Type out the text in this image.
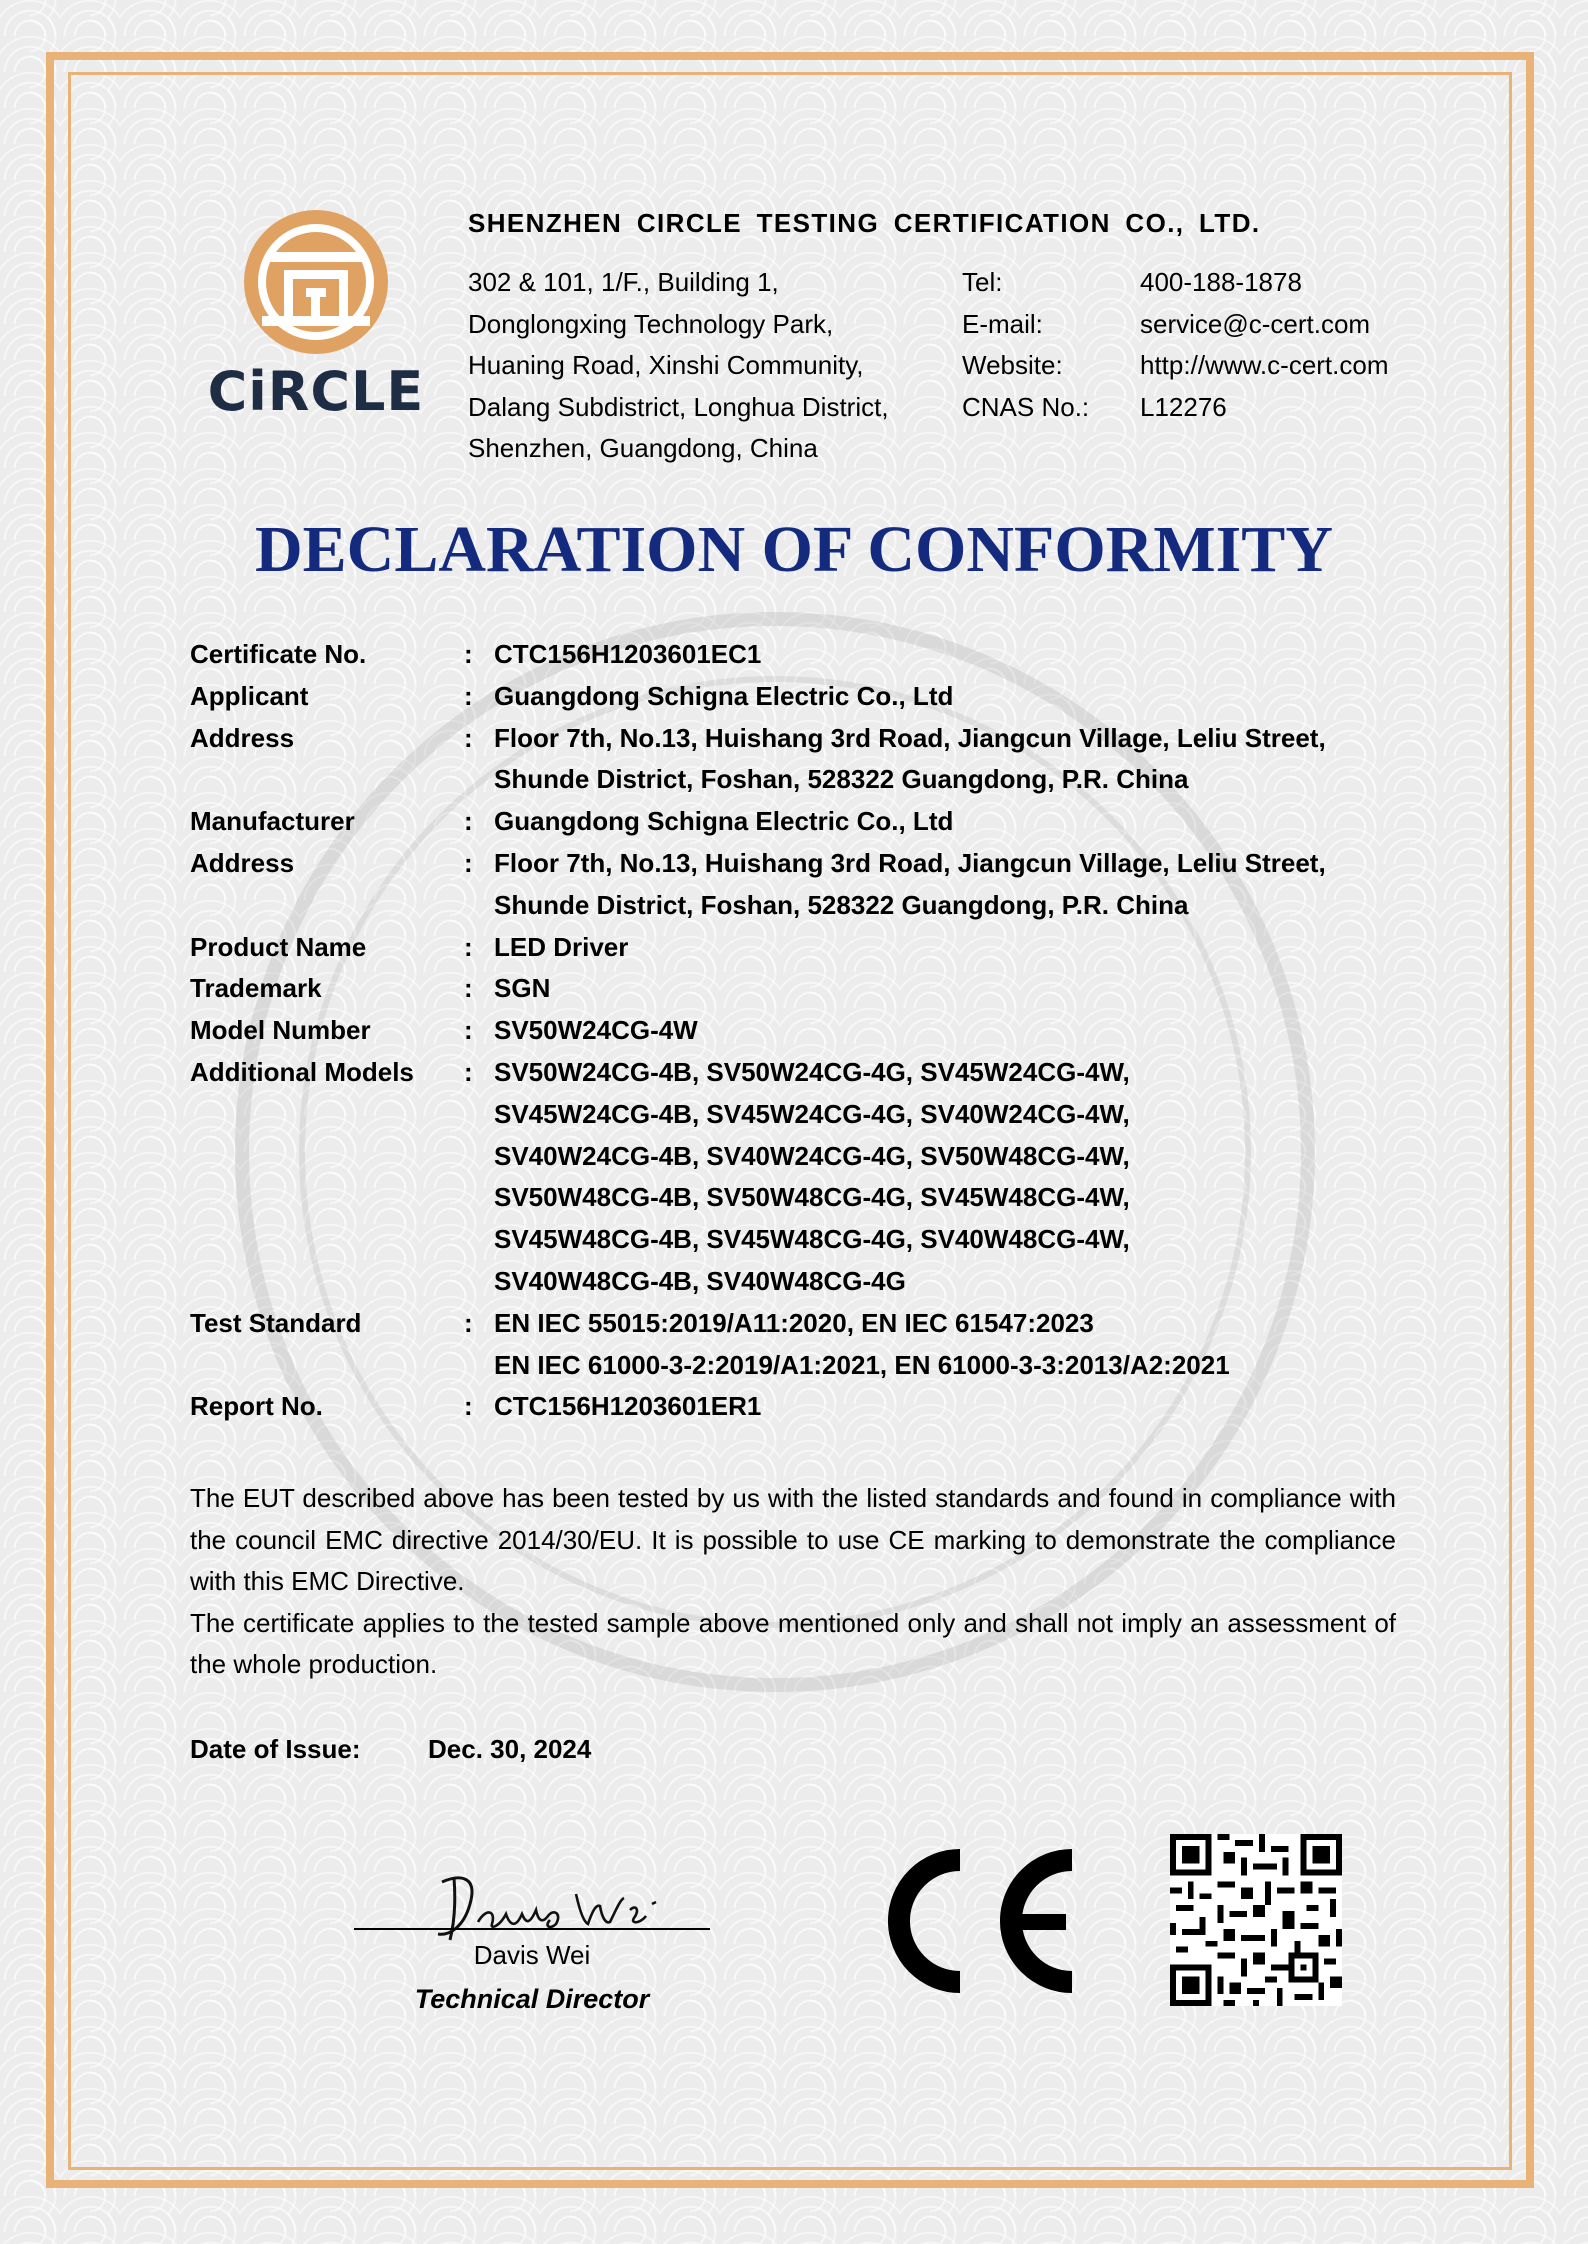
CiRCLE
SHENZHEN CIRCLE TESTING CERTIFICATION CO., LTD.
302 & 101, 1/F., Building 1,
Donglongxing Technology Park,
Huaning Road, Xinshi Community,
Dalang Subdistrict, Longhua District,
Shenzhen, Guangdong, China
Tel:	400-188-1878
E-mail:	service@c-cert.com
Website:	http://www.c-cert.com
CNAS No.:	L12276
DECLARATION OF CONFORMITY
Certificate No.	: CTC156H1203601EC1
Applicant	: Guangdong Schigna Electric Co., Ltd
Address	: Floor 7th, No.13, Huishang 3rd Road, Jiangcun Village, Leliu Street,
Shunde District, Foshan, 528322 Guangdong, P.R. China
Manufacturer	: Guangdong Schigna Electric Co., Ltd
Address	: Floor 7th, No.13, Huishang 3rd Road, Jiangcun Village, Leliu Street,
Shunde District, Foshan, 528322 Guangdong, P.R. China
Product Name	: LED Driver
Trademark	: SGN
Model Number	: SV50W24CG-4W
Additional Models	: SV50W24CG-4B, SV50W24CG-4G, SV45W24CG-4W,
SV45W24CG-4B, SV45W24CG-4G, SV40W24CG-4W,
SV40W24CG-4B, SV40W24CG-4G, SV50W48CG-4W,
SV50W48CG-4B, SV50W48CG-4G, SV45W48CG-4W,
SV45W48CG-4B, SV45W48CG-4G, SV40W48CG-4W,
SV40W48CG-4B, SV40W48CG-4G
Test Standard	: EN IEC 55015:2019/A11:2020, EN IEC 61547:2023
EN IEC 61000-3-2:2019/A1:2021, EN 61000-3-3:2013/A2:2021
Report No.	: CTC156H1203601ER1

The EUT described above has been tested by us with the listed standards and found in compliance with the council EMC directive 2014/30/EU. It is possible to use CE marking to demonstrate the compliance with this EMC Directive.

The certificate applies to the tested sample above mentioned only and shall not imply an assessment of the whole production.

Date of Issue:	Dec. 30, 2024
Davis Wei
Technical Director
